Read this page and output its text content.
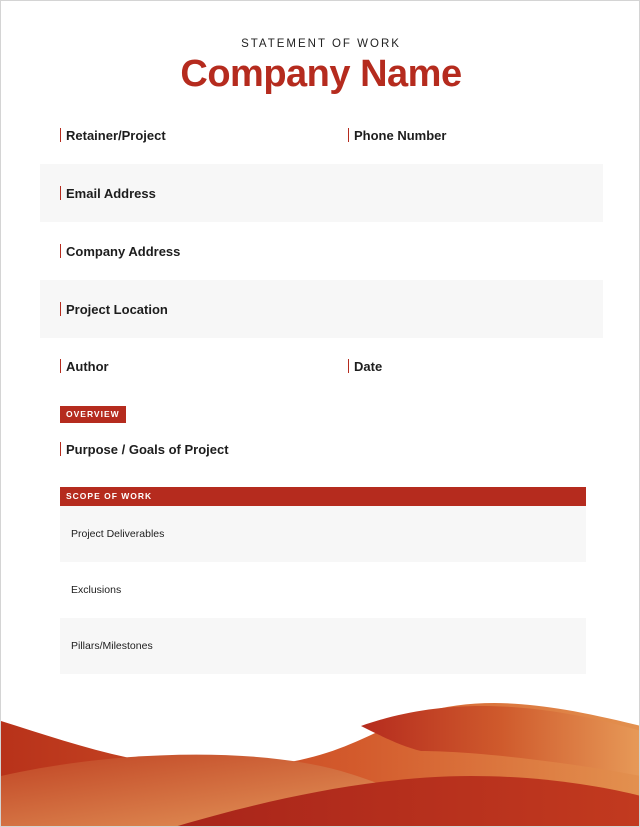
STATEMENT OF WORK
Company Name
Retainer/Project	Phone Number
Email Address
Company Address
Project Location
Author	Date
OVERVIEW
Purpose / Goals of Project
SCOPE OF WORK
Project Deliverables
Exclusions
Pillars/Milestones
